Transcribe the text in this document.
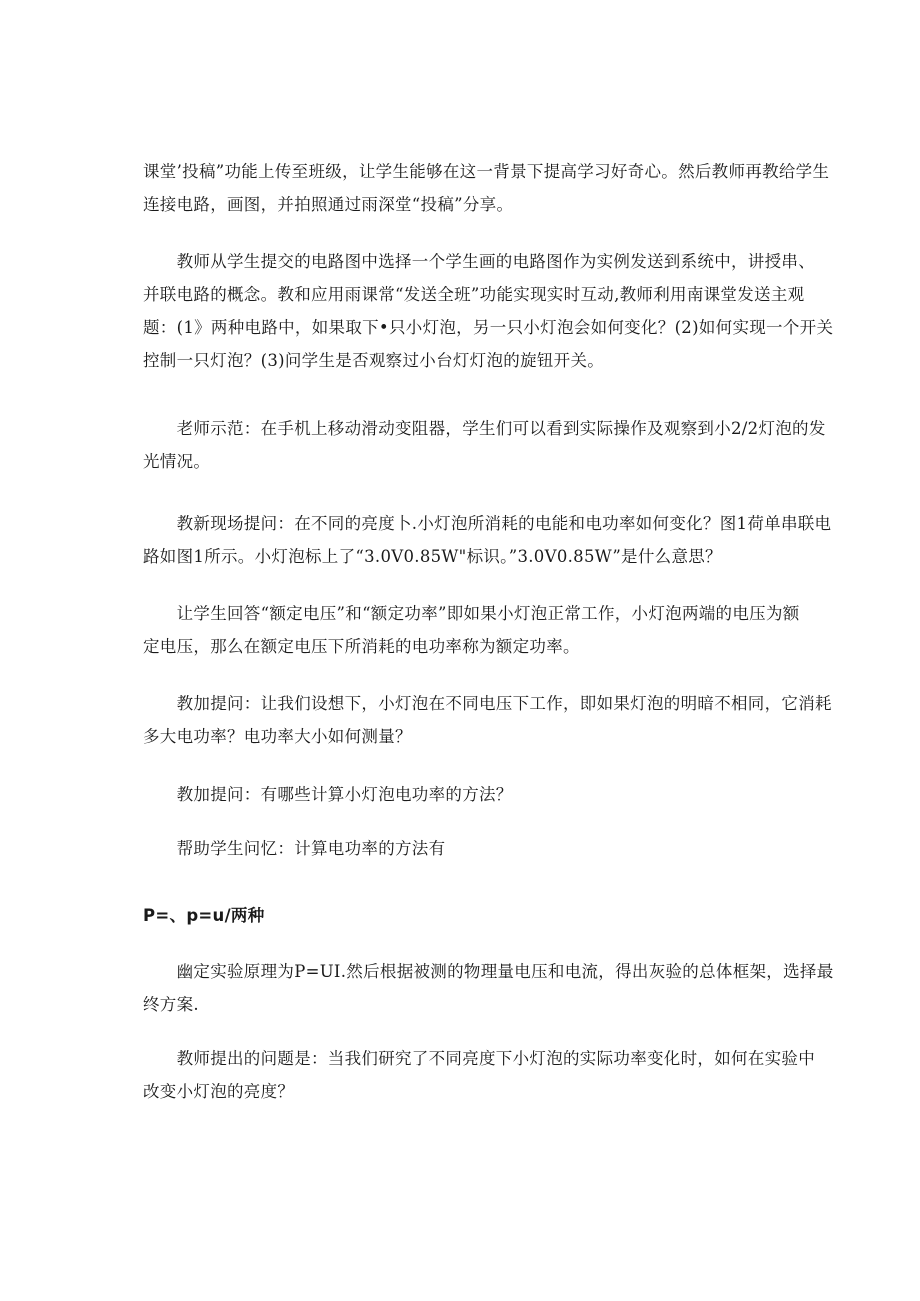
课堂’投稿”功能上传至班级，让学生能够在这一背景下提高学习好奇心。然后教师再教给学生
连接电路，画图，并拍照通过雨深堂“投稿”分享。
　　教师从学生提交的电路图中选择一个学生画的电路图作为实例发送到系统中，讲授串、
并联电路的概念。教和应用雨课常“发送全班”功能实现实时互动,教师利用南课堂发送主观
题：(1》两种电路中，如果取下•只小灯泡，另一只小灯泡会如何变化？(2)如何实现一个开关
控制一只灯泡？(3)问学生是否观察过小台灯灯泡的旋钮开关。
　　老师示范：在手机上移动滑动变阻器，学生们可以看到实际操作及观察到小2/2灯泡的发
光情况。
　　教新现场提问：在不同的亮度卜.小灯泡所消耗的电能和电功率如何变化？图1荷单串联电
路如图1所示。小灯泡标上了“3.0V0.85W"标识。”3.0V0.85W”是什么意思？
　　让学生回答“额定电压”和“额定功率”即如果小灯泡正常工作，小灯泡两端的电压为额
定电压，那么在额定电压下所消耗的电功率称为额定功率。
　　教加提问：让我们设想下，小灯泡在不同电压下工作，即如果灯泡的明暗不相同，它消耗
多大电功率？电功率大小如何测量？
　　教加提问：有哪些计算小灯泡电功率的方法？
　　帮助学生问忆：计算电功率的方法有
P=、p=u/两种
　　幽定实验原理为P=UI.然后根据被测的物理量电压和电流，得出灰验的总体框架，选择最
终方案.
　　教师提出的问题是：当我们研究了不同亮度下小灯泡的实际功率变化时，如何在实验中
改变小灯泡的亮度？
